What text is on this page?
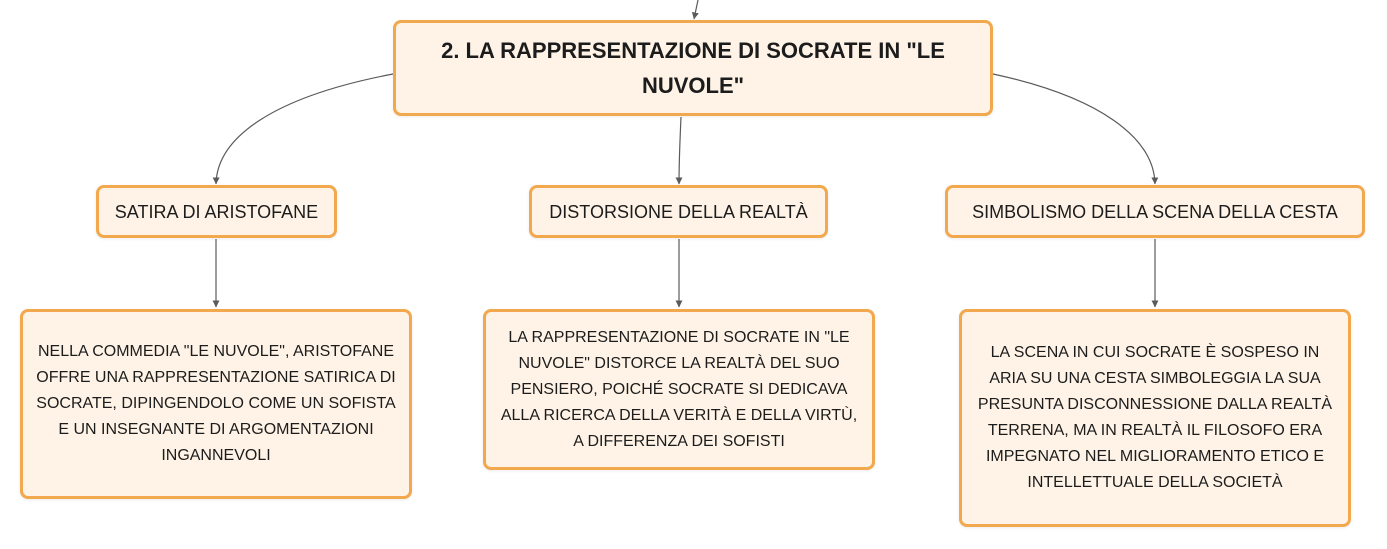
2. LA RAPPRESENTAZIONE DI SOCRATE IN "LE
NUVOLE"
SATIRA DI ARISTOFANE	DISTORSIONE DELLA REALTÀ	SIMBOLISMO DELLA SCENA DELLA CESTA
NELLA COMMEDIA "LE NUVOLE", ARISTOFANE
OFFRE UNA RAPPRESENTAZIONE SATIRICA DI
SOCRATE, DIPINGENDOLO COME UN SOFISTA
E UN INSEGNANTE DI ARGOMENTAZIONI
INGANNEVOLI
LA RAPPRESENTAZIONE DI SOCRATE IN "LE
NUVOLE" DISTORCE LA REALTÀ DEL SUO
PENSIERO, POICHÉ SOCRATE SI DEDICAVA
ALLA RICERCA DELLA VERITÀ E DELLA VIRTÙ,
A DIFFERENZA DEI SOFISTI
LA SCENA IN CUI SOCRATE È SOSPESO IN
ARIA SU UNA CESTA SIMBOLEGGIA LA SUA
PRESUNTA DISCONNESSIONE DALLA REALTÀ
TERRENA, MA IN REALTÀ IL FILOSOFO ERA
IMPEGNATO NEL MIGLIORAMENTO ETICO E
INTELLETTUALE DELLA SOCIETÀ
